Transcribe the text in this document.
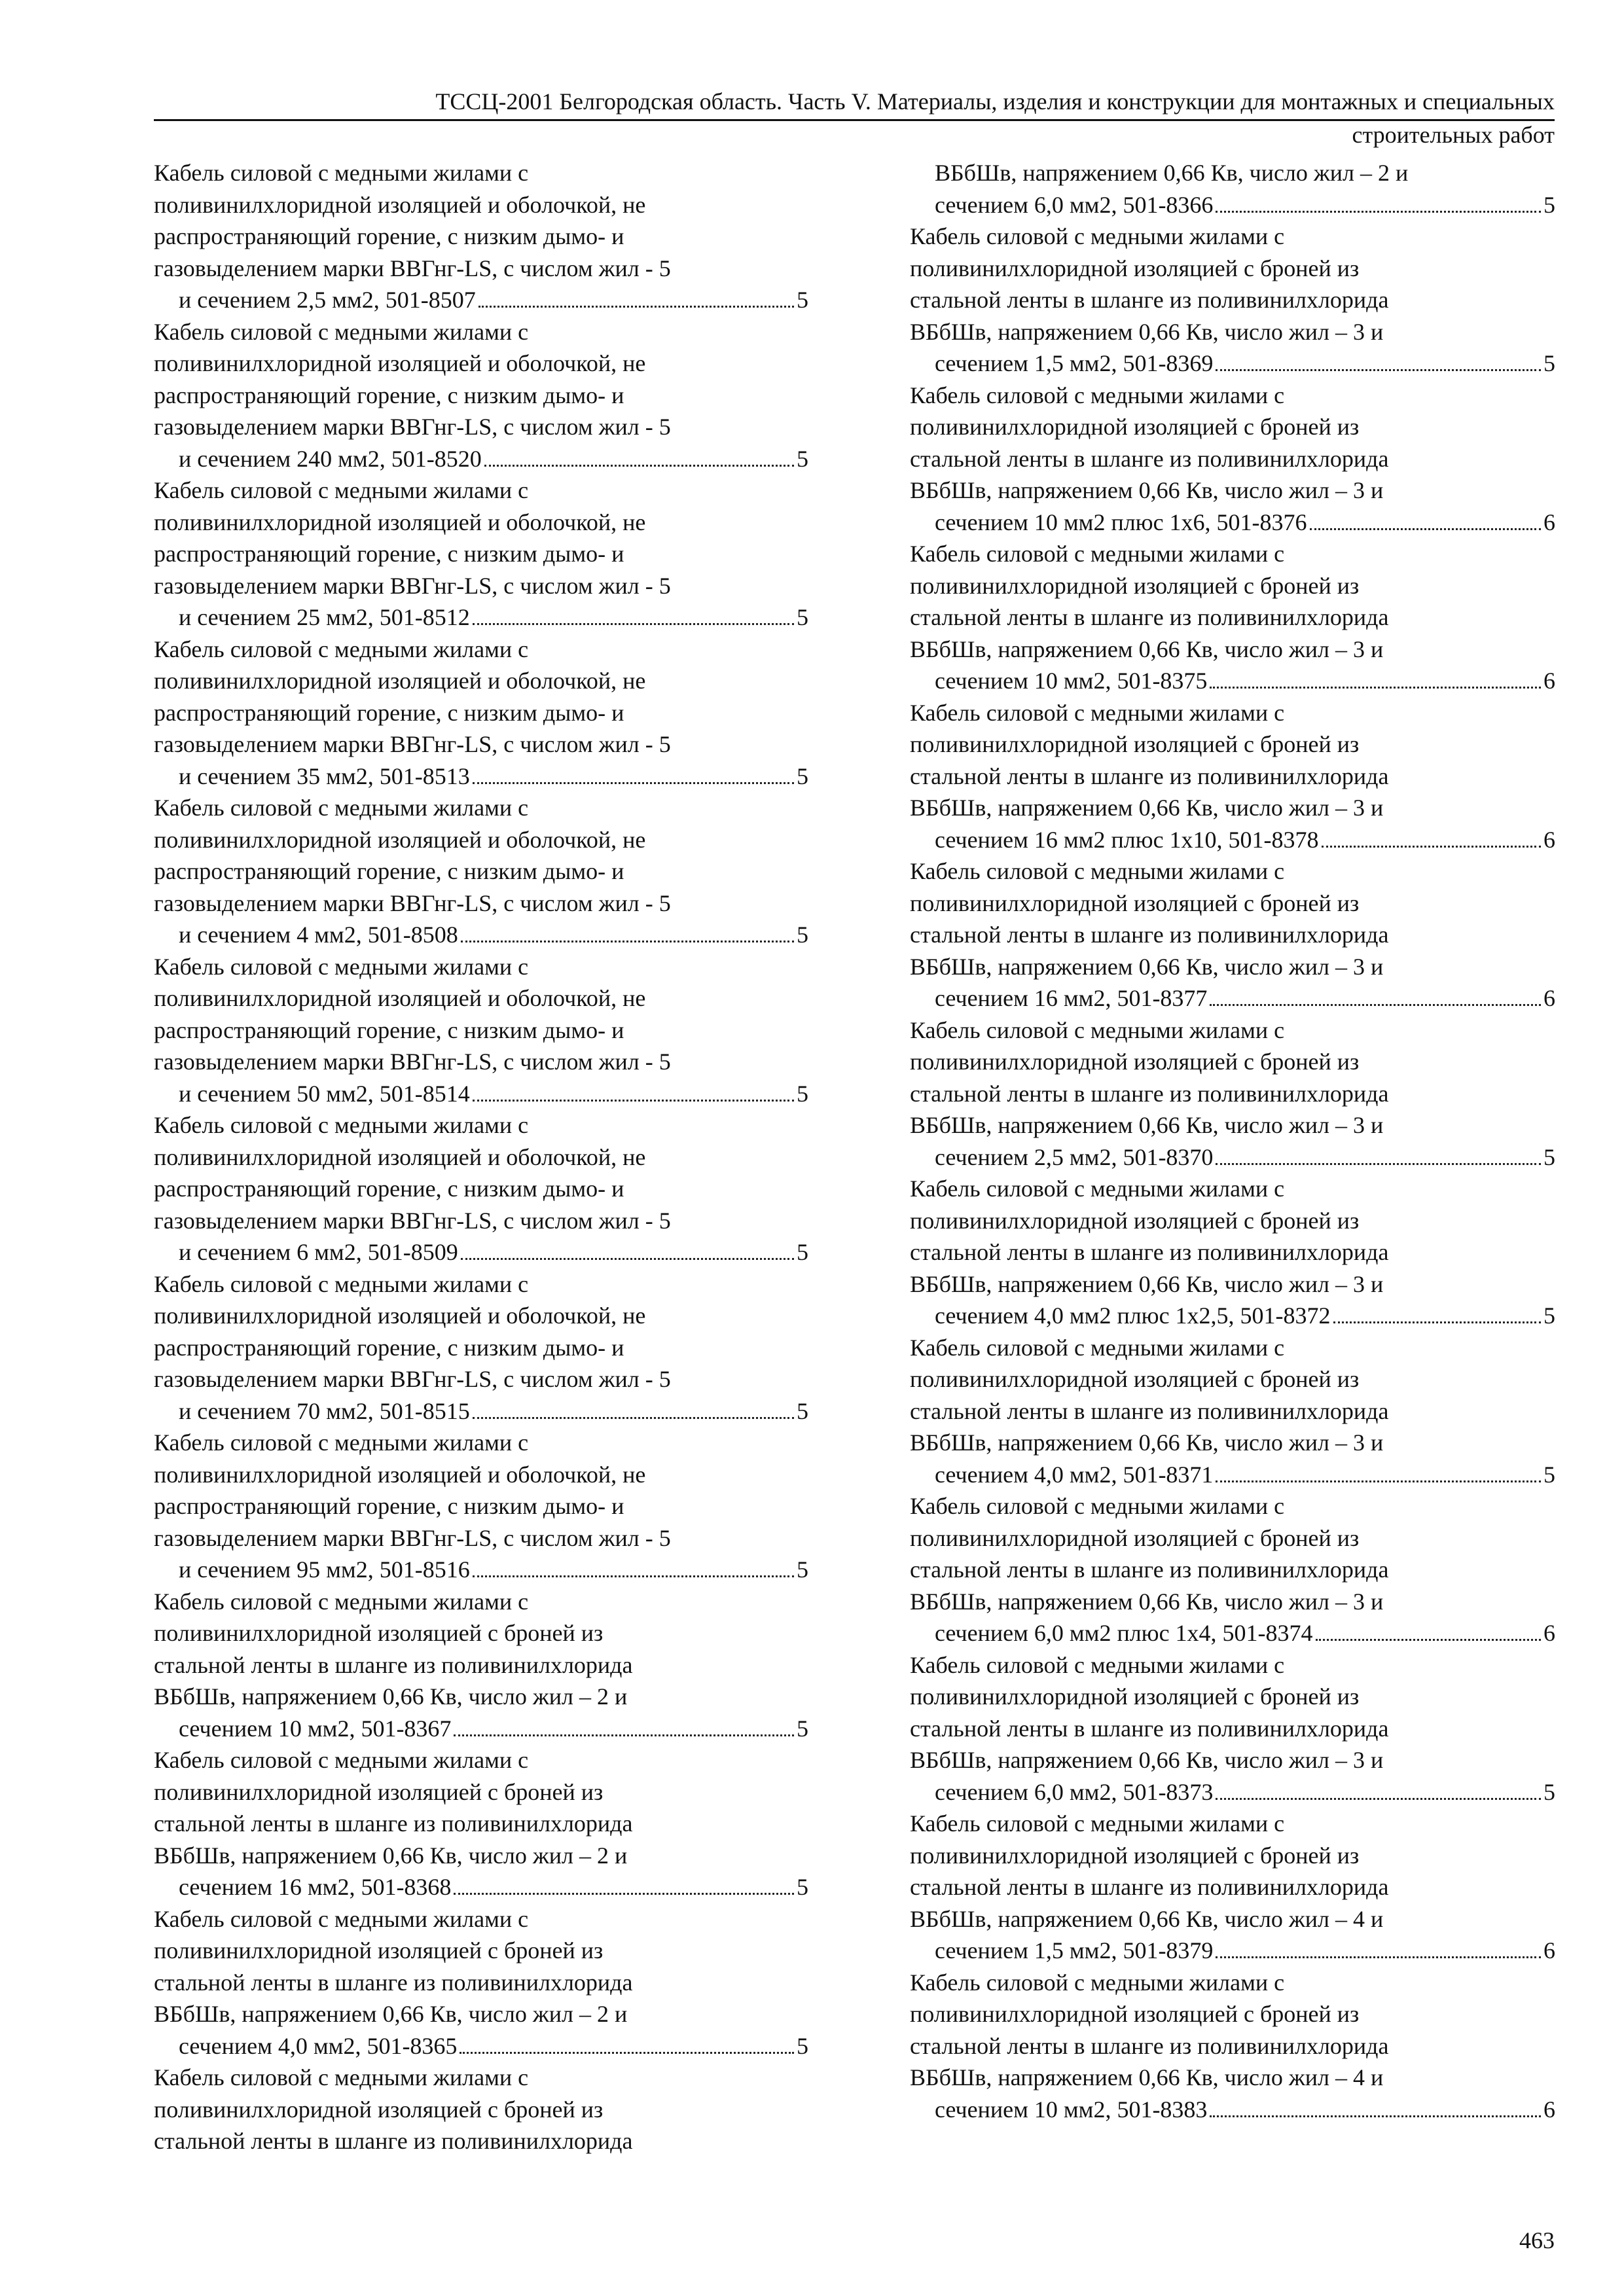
ТССЦ-2001 Белгородская область. Часть V. Материалы, изделия и конструкции для монтажных и специальных
строительных работ
Кабель силовой с медными жилами с
поливинилхлоридной изоляцией и оболочкой, не
распространяющий горение, с низким дымо- и
газовыделением марки ВВГнг-LS, с числом жил - 5
и сечением 2,5 мм2, 501-8507	5
Кабель силовой с медными жилами с
поливинилхлоридной изоляцией и оболочкой, не
распространяющий горение, с низким дымо- и
газовыделением марки ВВГнг-LS, с числом жил - 5
и сечением 240 мм2, 501-8520	5
Кабель силовой с медными жилами с
поливинилхлоридной изоляцией и оболочкой, не
распространяющий горение, с низким дымо- и
газовыделением марки ВВГнг-LS, с числом жил - 5
и сечением 25 мм2, 501-8512	5
Кабель силовой с медными жилами с
поливинилхлоридной изоляцией и оболочкой, не
распространяющий горение, с низким дымо- и
газовыделением марки ВВГнг-LS, с числом жил - 5
и сечением 35 мм2, 501-8513	5
Кабель силовой с медными жилами с
поливинилхлоридной изоляцией и оболочкой, не
распространяющий горение, с низким дымо- и
газовыделением марки ВВГнг-LS, с числом жил - 5
и сечением 4 мм2, 501-8508	5
Кабель силовой с медными жилами с
поливинилхлоридной изоляцией и оболочкой, не
распространяющий горение, с низким дымо- и
газовыделением марки ВВГнг-LS, с числом жил - 5
и сечением 50 мм2, 501-8514	5
Кабель силовой с медными жилами с
поливинилхлоридной изоляцией и оболочкой, не
распространяющий горение, с низким дымо- и
газовыделением марки ВВГнг-LS, с числом жил - 5
и сечением 6 мм2, 501-8509	5
Кабель силовой с медными жилами с
поливинилхлоридной изоляцией и оболочкой, не
распространяющий горение, с низким дымо- и
газовыделением марки ВВГнг-LS, с числом жил - 5
и сечением 70 мм2, 501-8515	5
Кабель силовой с медными жилами с
поливинилхлоридной изоляцией и оболочкой, не
распространяющий горение, с низким дымо- и
газовыделением марки ВВГнг-LS, с числом жил - 5
и сечением 95 мм2, 501-8516	5
Кабель силовой с медными жилами с
поливинилхлоридной изоляцией с броней из
стальной ленты в шланге из поливинилхлорида
ВБбШв, напряжением 0,66 Кв, число жил – 2 и
сечением 10 мм2, 501-8367	5
Кабель силовой с медными жилами с
поливинилхлоридной изоляцией с броней из
стальной ленты в шланге из поливинилхлорида
ВБбШв, напряжением 0,66 Кв, число жил – 2 и
сечением 16 мм2, 501-8368	5
Кабель силовой с медными жилами с
поливинилхлоридной изоляцией с броней из
стальной ленты в шланге из поливинилхлорида
ВБбШв, напряжением 0,66 Кв, число жил – 2 и
сечением 4,0 мм2, 501-8365	5
Кабель силовой с медными жилами с
поливинилхлоридной изоляцией с броней из
стальной ленты в шланге из поливинилхлорида
ВБбШв, напряжением 0,66 Кв, число жил – 2 и
сечением 6,0 мм2, 501-8366	5
Кабель силовой с медными жилами с
поливинилхлоридной изоляцией с броней из
стальной ленты в шланге из поливинилхлорида
ВБбШв, напряжением 0,66 Кв, число жил – 3 и
сечением 1,5 мм2, 501-8369	5
Кабель силовой с медными жилами с
поливинилхлоридной изоляцией с броней из
стальной ленты в шланге из поливинилхлорида
ВБбШв, напряжением 0,66 Кв, число жил – 3 и
сечением 10 мм2 плюс 1х6, 501-8376	6
Кабель силовой с медными жилами с
поливинилхлоридной изоляцией с броней из
стальной ленты в шланге из поливинилхлорида
ВБбШв, напряжением 0,66 Кв, число жил – 3 и
сечением 10 мм2, 501-8375	6
Кабель силовой с медными жилами с
поливинилхлоридной изоляцией с броней из
стальной ленты в шланге из поливинилхлорида
ВБбШв, напряжением 0,66 Кв, число жил – 3 и
сечением 16 мм2 плюс 1х10, 501-8378	6
Кабель силовой с медными жилами с
поливинилхлоридной изоляцией с броней из
стальной ленты в шланге из поливинилхлорида
ВБбШв, напряжением 0,66 Кв, число жил – 3 и
сечением 16 мм2, 501-8377	6
Кабель силовой с медными жилами с
поливинилхлоридной изоляцией с броней из
стальной ленты в шланге из поливинилхлорида
ВБбШв, напряжением 0,66 Кв, число жил – 3 и
сечением 2,5 мм2, 501-8370	5
Кабель силовой с медными жилами с
поливинилхлоридной изоляцией с броней из
стальной ленты в шланге из поливинилхлорида
ВБбШв, напряжением 0,66 Кв, число жил – 3 и
сечением 4,0 мм2 плюс 1х2,5, 501-8372	5
Кабель силовой с медными жилами с
поливинилхлоридной изоляцией с броней из
стальной ленты в шланге из поливинилхлорида
ВБбШв, напряжением 0,66 Кв, число жил – 3 и
сечением 4,0 мм2, 501-8371	5
Кабель силовой с медными жилами с
поливинилхлоридной изоляцией с броней из
стальной ленты в шланге из поливинилхлорида
ВБбШв, напряжением 0,66 Кв, число жил – 3 и
сечением 6,0 мм2 плюс 1х4, 501-8374	6
Кабель силовой с медными жилами с
поливинилхлоридной изоляцией с броней из
стальной ленты в шланге из поливинилхлорида
ВБбШв, напряжением 0,66 Кв, число жил – 3 и
сечением 6,0 мм2, 501-8373	5
Кабель силовой с медными жилами с
поливинилхлоридной изоляцией с броней из
стальной ленты в шланге из поливинилхлорида
ВБбШв, напряжением 0,66 Кв, число жил – 4 и
сечением 1,5 мм2, 501-8379	6
Кабель силовой с медными жилами с
поливинилхлоридной изоляцией с броней из
стальной ленты в шланге из поливинилхлорида
ВБбШв, напряжением 0,66 Кв, число жил – 4 и
сечением 10 мм2, 501-8383	6
463
